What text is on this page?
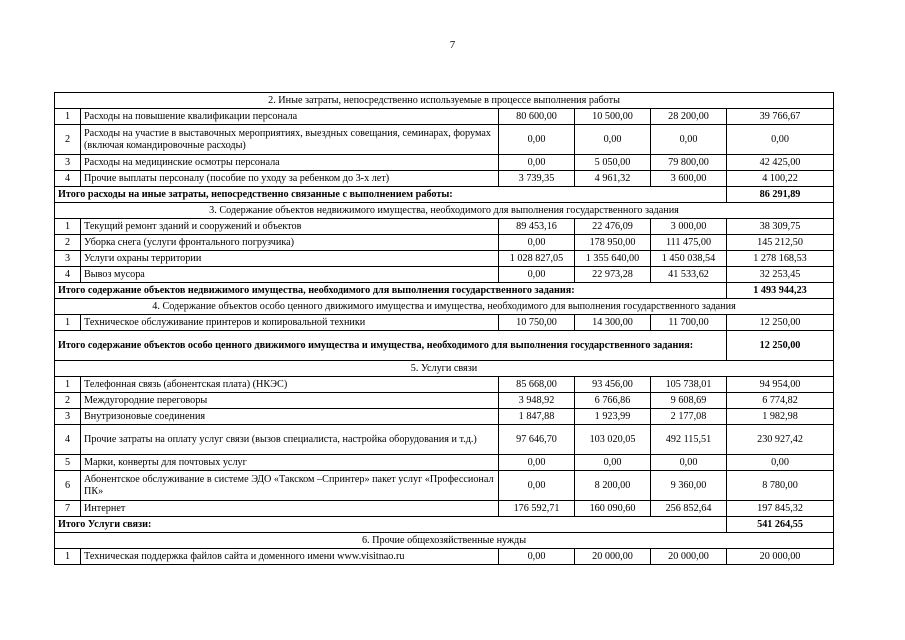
7
2. Иные затраты, непосредственно используемые в процессе выполнения работы					
1	Расходы на повышение квалификации персонала	80 600,00	10 500,00	28 200,00	39 766,67
2	Расходы на участие в выставочных мероприятиях, выездных совещания, семинарах, форумах (включая командировочные расходы)	0,00	0,00	0,00	0,00
3	Расходы на медицинские осмотры персонала	0,00	5 050,00	79 800,00	42 425,00
4	Прочие выплаты персоналу (пособие по уходу за ребенком до 3-х лет)	3 739,35	4 961,32	3 600,00	4 100,22
Итого расходы на иные затраты, непосредственно связанные с выполнением работы:					86 291,89
3. Содержание объектов недвижимого имущества, необходимого для выполнения государственного задания					
1	Текущий ремонт зданий и сооружений и объектов	89 453,16	22 476,09	3 000,00	38 309,75
2	Уборка снега (услуги фронтального погрузчика)	0,00	178 950,00	111 475,00	145 212,50
3	Услуги охраны территории	1 028 827,05	1 355 640,00	1 450 038,54	1 278 168,53
4	Вывоз мусора	0,00	22 973,28	41 533,62	32 253,45
Итого содержание объектов недвижимого имущества, необходимого для выполнения государственного задания:					1 493 944,23
4. Содержание объектов особо ценного движимого имущества и имущества, необходимого для выполнения государственного задания					
1	Техническое обслуживание принтеров и копировальной техники	10 750,00	14 300,00	11 700,00	12 250,00
Итого содержание объектов особо ценного движимого имущества и имущества, необходимого для выполнения государственного задания:					12 250,00
5. Услуги связи					
1	Телефонная связь (абонентская плата) (НКЭС)	85 668,00	93 456,00	105 738,01	94 954,00
2	Междугородние переговоры	3 948,92	6 766,86	9 608,69	6 774,82
3	Внутризоновые соединения	1 847,88	1 923,99	2 177,08	1 982,98
4	Прочие затраты на оплату услуг связи (вызов специалиста, настройка оборудования и т.д.)	97 646,70	103 020,05	492 115,51	230 927,42
5	Марки, конверты для почтовых услуг	0,00	0,00	0,00	0,00
6	Абонентское обслуживание в системе ЭДО «Такском –Спринтер» пакет услуг «Профессионал ПК»	0,00	8 200,00	9 360,00	8 780,00
7	Интернет	176 592,71	160 090,60	256 852,64	197 845,32
Итого Услуги связи:					541 264,55
6. Прочие общехозяйственные нужды					
1	Техническая поддержка файлов сайта и доменного имени www.visitnao.ru	0,00	20 000,00	20 000,00	20 000,00
